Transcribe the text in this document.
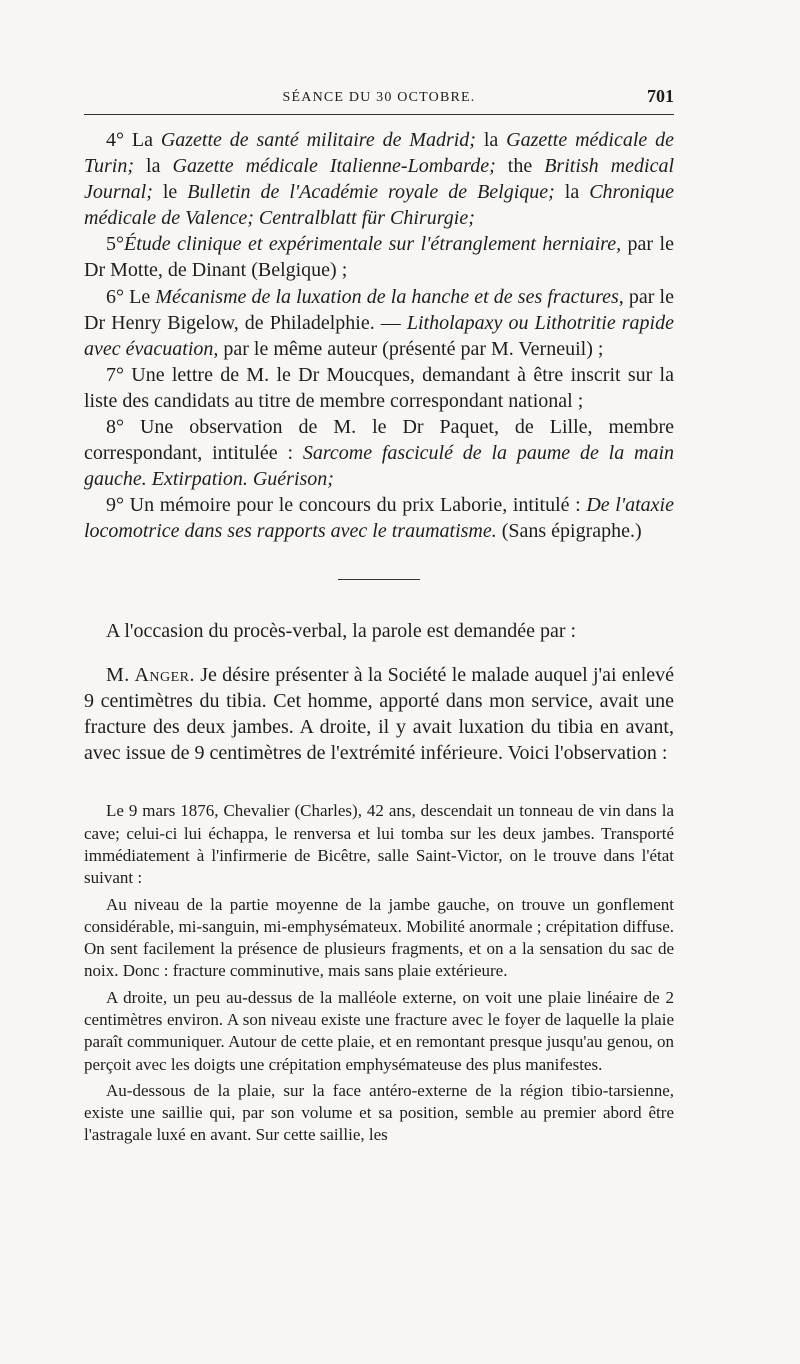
SÉANCE DU 30 OCTOBRE.	701

4° La Gazette de santé militaire de Madrid; la Gazette médicale de Turin; la Gazette médicale Italienne-Lombarde; the British medical Journal; le Bulletin de l'Académie royale de Belgique; la Chronique médicale de Valence; Centralblatt für Chirurgie;

5°Étude clinique et expérimentale sur l'étranglement herniaire, par le Dr Motte, de Dinant (Belgique) ;

6° Le Mécanisme de la luxation de la hanche et de ses fractures, par le Dr Henry Bigelow, de Philadelphie. — Litholapaxy ou Lithotritie rapide avec évacuation, par le même auteur (présenté par M. Verneuil) ;

7° Une lettre de M. le Dr Moucques, demandant à être inscrit sur la liste des candidats au titre de membre correspondant national ;

8° Une observation de M. le Dr Paquet, de Lille, membre correspondant, intitulée : Sarcome fasciculé de la paume de la main gauche. Extirpation. Guérison;

9° Un mémoire pour le concours du prix Laborie, intitulé : De l'ataxie locomotrice dans ses rapports avec le traumatisme. (Sans épigraphe.)

A l'occasion du procès-verbal, la parole est demandée par :

M. Anger. Je désire présenter à la Société le malade auquel j'ai enlevé 9 centimètres du tibia. Cet homme, apporté dans mon service, avait une fracture des deux jambes. A droite, il y avait luxation du tibia en avant, avec issue de 9 centimètres de l'extrémité inférieure. Voici l'observation :

Le 9 mars 1876, Chevalier (Charles), 42 ans, descendait un tonneau de vin dans la cave; celui-ci lui échappa, le renversa et lui tomba sur les deux jambes. Transporté immédiatement à l'infirmerie de Bicêtre, salle Saint-Victor, on le trouve dans l'état suivant :

Au niveau de la partie moyenne de la jambe gauche, on trouve un gonflement considérable, mi-sanguin, mi-emphysémateux. Mobilité anormale ; crépitation diffuse. On sent facilement la présence de plusieurs fragments, et on a la sensation du sac de noix. Donc : fracture comminutive, mais sans plaie extérieure.

A droite, un peu au-dessus de la malléole externe, on voit une plaie linéaire de 2 centimètres environ. A son niveau existe une fracture avec le foyer de laquelle la plaie paraît communiquer. Autour de cette plaie, et en remontant presque jusqu'au genou, on perçoit avec les doigts une crépitation emphysémateuse des plus manifestes.

Au-dessous de la plaie, sur la face antéro-externe de la région tibio-tarsienne, existe une saillie qui, par son volume et sa position, semble au premier abord être l'astragale luxé en avant. Sur cette saillie, les
